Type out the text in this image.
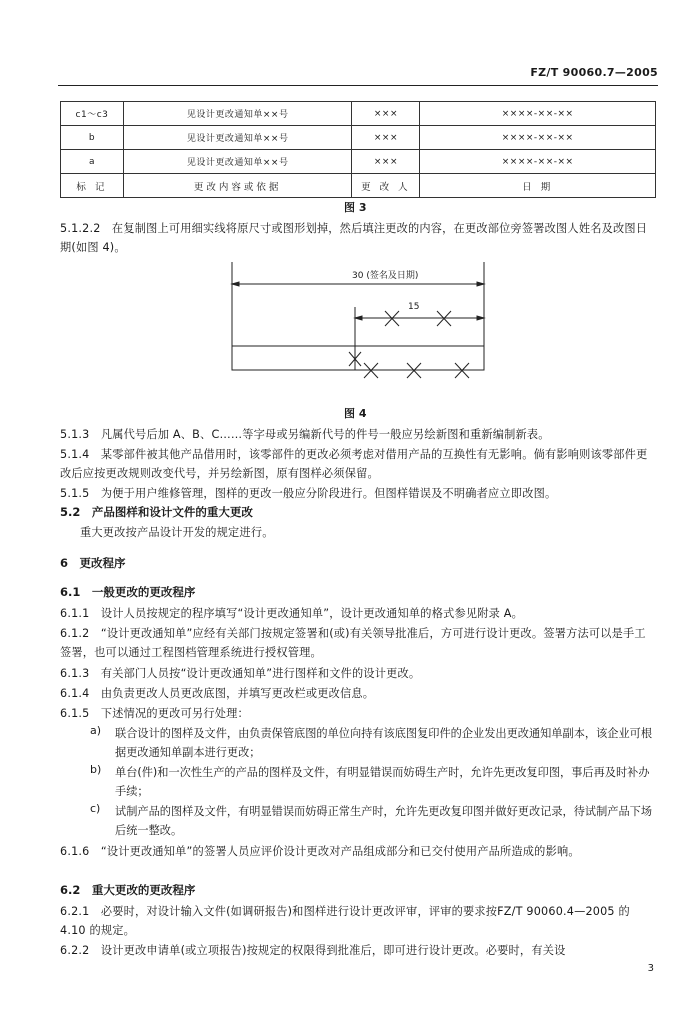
FZ/T 90060.7—2005
c1～c3	见设计更改通知单××号	×××	××××-××-××
b	见设计更改通知单××号	×××	××××-××-××
a	见设计更改通知单××号	×××	××××-××-××
标 记	更改内容或依据	更 改 人	日 期
图 3
5.1.2.2　在复制图上可用细实线将原尺寸或图形划掉，然后填注更改的内容，在更改部位旁签署改图人姓名及改图日期(如图 4)。
30 (签名及日期)
15
图 4
5.1.3　凡属代号后加 A、B、C……等字母或另编新代号的件号一般应另绘新图和重新编制新表。
5.1.4　某零部件被其他产品借用时，该零部件的更改必须考虑对借用产品的互换性有无影响。倘有影响则该零部件更改后应按更改规则改变代号，并另绘新图，原有图样必须保留。
5.1.5　为便于用户维修管理，图样的更改一般应分阶段进行。但图样错误及不明确者应立即改图。
5.2　产品图样和设计文件的重大更改
重大更改按产品设计开发的规定进行。
6　更改程序
6.1　一般更改的更改程序
6.1.1　设计人员按规定的程序填写“设计更改通知单”，设计更改通知单的格式参见附录 A。
6.1.2　“设计更改通知单”应经有关部门按规定签署和(或)有关领导批准后，方可进行设计更改。签署方法可以是手工签署，也可以通过工程图档管理系统进行授权管理。
6.1.3　有关部门人员按“设计更改通知单”进行图样和文件的设计更改。
6.1.4　由负责更改人员更改底图，并填写更改栏或更改信息。
6.1.5　下述情况的更改可另行处理：
a) 联合设计的图样及文件，由负责保管底图的单位向持有该底图复印件的企业发出更改通知单副本，该企业可根据更改通知单副本进行更改；
b) 单台(件)和一次性生产的产品的图样及文件，有明显错误而妨碍生产时，允许先更改复印图，事后再及时补办手续；
c) 试制产品的图样及文件，有明显错误而妨碍正常生产时，允许先更改复印图并做好更改记录，待试制产品下场后统一整改。
6.1.6　“设计更改通知单”的签署人员应评价设计更改对产品组成部分和已交付使用产品所造成的影响。
6.2　重大更改的更改程序
6.2.1　必要时，对设计输入文件(如调研报告)和图样进行设计更改评审，评审的要求按FZ/T 90060.4—2005 的 4.10 的规定。
6.2.2　设计更改申请单(或立项报告)按规定的权限得到批准后，即可进行设计更改。必要时，有关设
3
